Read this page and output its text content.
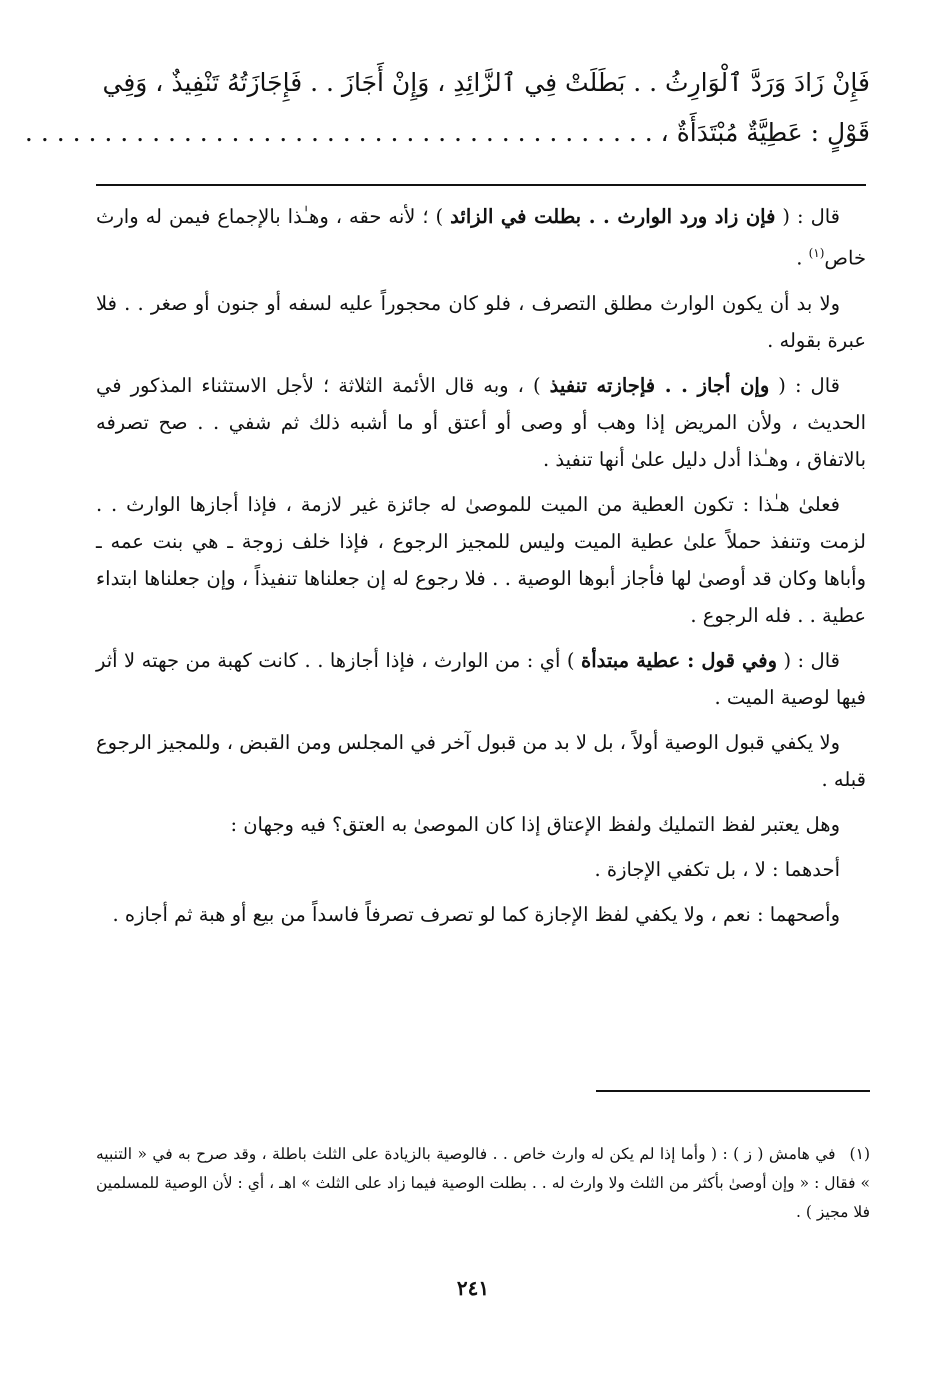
فَإِنْ زَادَ وَرَدَّ ٱلْوَارِثُ . . بَطَلَتْ فِي ٱلزَّائِدِ ، وَإِنْ أَجَازَ . . فَإِجَازَتُهُ تَنْفِيذٌ ، وَفِي
قَوْلٍ : عَطِيَّةٌ مُبْتَدَأَةٌ ، . . . . . . . . . . . . . . . . . . . . . . . . . . . . . . . . . . . . . . . .

قال : ( فإن زاد ورد الوارث . . بطلت في الزائد ) ؛ لأنه حقه ، وهـٰذا بالإجماع فيمن له وارث خاص$^{(١)}$ .

ولا بد أن يكون الوارث مطلق التصرف ، فلو كان محجوراً عليه لسفه أو جنون أو صغر . . فلا عبرة بقوله .

قال : ( وإن أجاز . . فإجازته تنفيذ ) ، وبه قال الأئمة الثلاثة ؛ لأجل الاستثناء المذكور في الحديث ، ولأن المريض إذا وهب أو وصى أو أعتق أو ما أشبه ذلك ثم شفي . . صح تصرفه بالاتفاق ، وهـٰذا أدل دليل علىٰ أنها تنفيذ .

فعلىٰ هـٰذا : تكون العطية من الميت للموصىٰ له جائزة غير لازمة ، فإذا أجازها الوارث . . لزمت وتنفذ حملاً علىٰ عطية الميت وليس للمجيز الرجوع ، فإذا خلف زوجة ـ هي بنت عمه ـ وأباها وكان قد أوصىٰ لها فأجاز أبوها الوصية . . فلا رجوع له إن جعلناها تنفيذاً ، وإن جعلناها ابتداء عطية . . فله الرجوع .

قال : ( وفي قول : عطية مبتدأة ) أي : من الوارث ، فإذا أجازها . . كانت كهبة من جهته لا أثر فيها لوصية الميت .

ولا يكفي قبول الوصية أولاً ، بل لا بد من قبول آخر في المجلس ومن القبض ، وللمجيز الرجوع قبله .

وهل يعتبر لفظ التمليك ولفظ الإعتاق إذا كان الموصىٰ به العتق؟ فيه وجهان :

أحدهما : لا ، بل تكفي الإجازة .

وأصحهما : نعم ، ولا يكفي لفظ الإجازة كما لو تصرف تصرفاً فاسداً من بيع أو هبة ثم أجازه .

(١)في هامش ( ز ) : ( وأما إذا لم يكن له وارث خاص . . فالوصية بالزيادة على الثلث باطلة ، وقد صرح به في « التنبيه » فقال : « وإن أوصىٰ بأكثر من الثلث ولا وارث له . . بطلت الوصية فيما زاد على الثلث » اهـ ، أي : لأن الوصية للمسلمين فلا مجيز ) .
٢٤١
